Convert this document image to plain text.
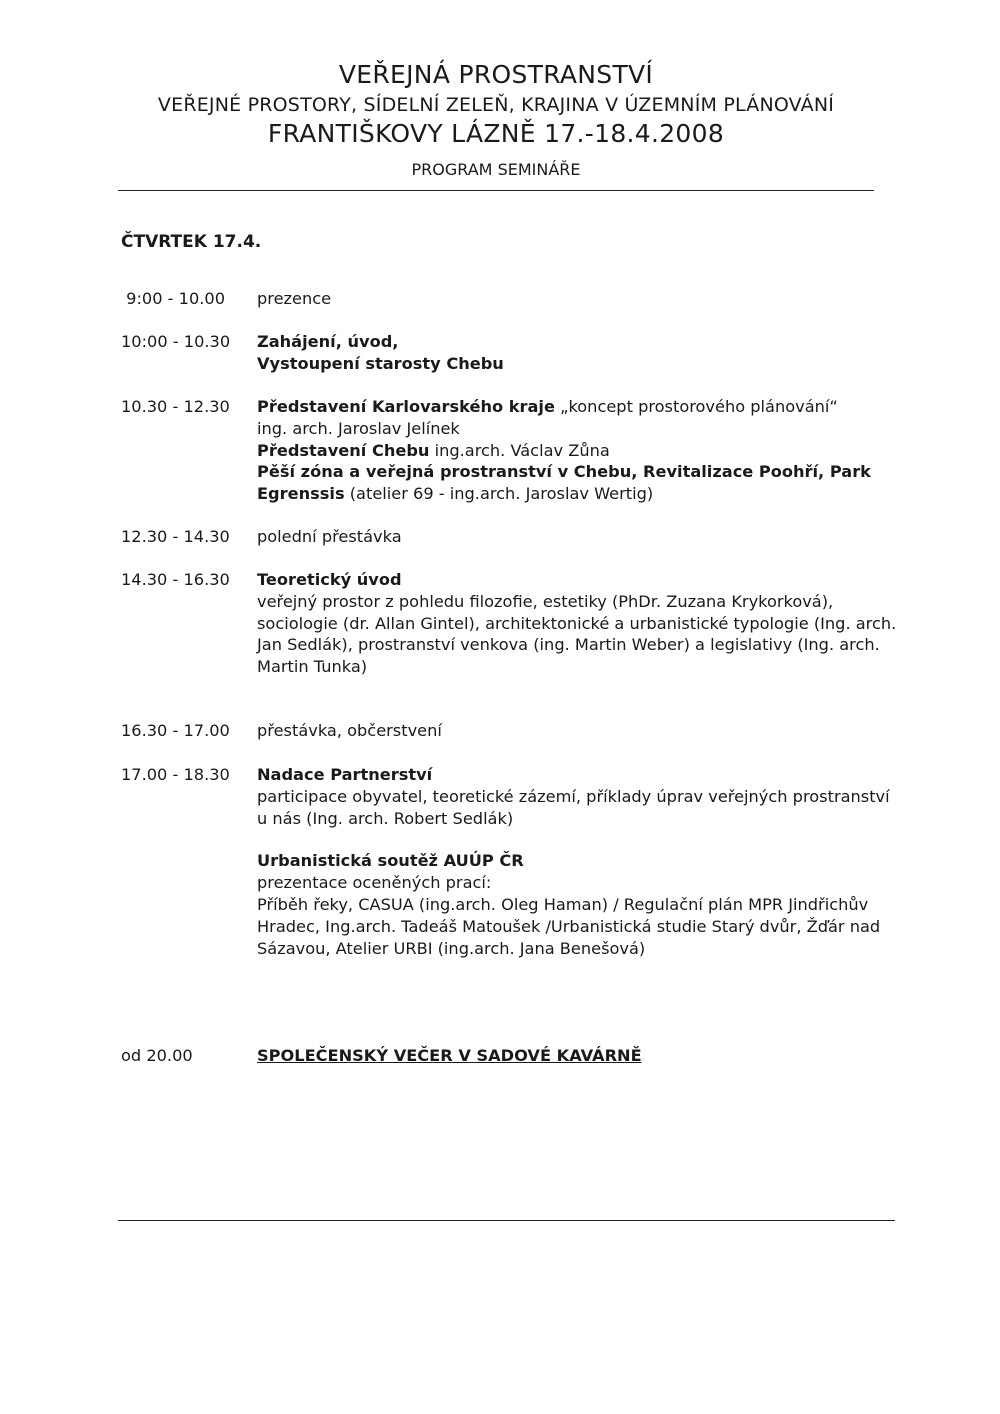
VEŘEJNÁ PROSTRANSTVÍ
VEŘEJNÉ PROSTORY, SÍDELNÍ ZELEŇ, KRAJINA V ÚZEMNÍM PLÁNOVÁNÍ
FRANTIŠKOVY LÁZNĚ 17.-18.4.2008
PROGRAM SEMINÁŘE
ČTVRTEK 17.4.
9:00 - 10.00 prezence

10:00 - 10.30	Zahájení, úvod,

Vystoupení starosty Chebu

10.30 - 12.30	Představení Karlovarského kraje „koncept prostorového plánování“

ing. arch. Jaroslav Jelínek

Představení Chebu ing.arch. Václav Zůna

Pěší zóna a veřejná prostranství v Chebu, Revitalizace Poohří, Park Egrenssis (atelier 69 - ing.arch. Jaroslav Wertig)

12.30 - 14.30	polední přestávka

14.30 - 16.30	Teoretický úvod

veřejný prostor z pohledu filozofie, estetiky (PhDr. Zuzana Krykorková), sociologie (dr. Allan Gintel), architektonické a urbanistické typologie (Ing. arch. Jan Sedlák), prostranství venkova (ing. Martin Weber) a legislativy (Ing. arch. Martin Tunka)

16.30 - 17.00	přestávka, občerstvení

17.00 - 18.30	Nadace Partnerství

participace obyvatel, teoretické zázemí, příklady úprav veřejných prostranství u nás (Ing. arch. Robert Sedlák)

Urbanistická soutěž AUÚP ČR

prezentace oceněných prací:

Příběh řeky, CASUA (ing.arch. Oleg Haman) / Regulační plán MPR Jindřichův Hradec, Ing.arch. Tadeáš Matoušek /Urbanistická studie Starý dvůr, Žďár nad Sázavou, Atelier URBI (ing.arch. Jana Benešová)

od 20.00	SPOLEČENSKÝ VEČER V SADOVÉ KAVÁRNĚ
